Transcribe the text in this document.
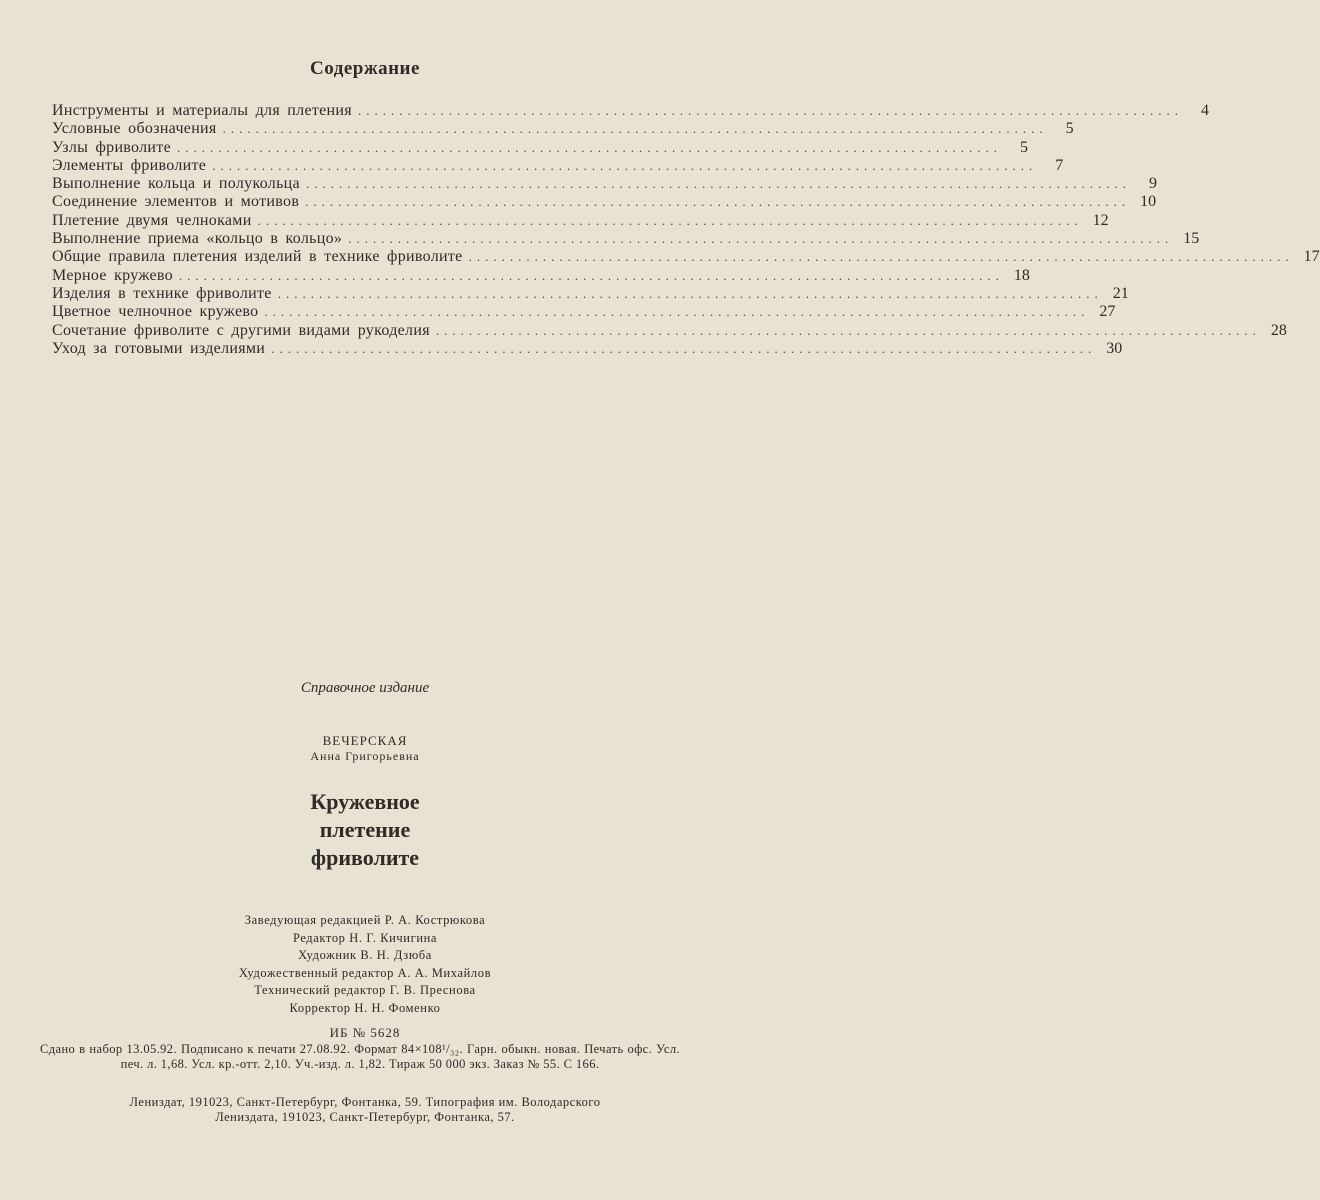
Содержание
Инструменты и материалы для плетения ....................................................................................................	4
Условные обозначения ....................................................................................................	5
Узлы фриволите ....................................................................................................	5
Элементы фриволите ....................................................................................................	7
Выполнение кольца и полукольца ....................................................................................................	9
Соединение элементов и мотивов .................................................................................................... 10
Плетение двумя челноками .................................................................................................... 12
Выполнение приема «кольцо в кольцо» .................................................................................................... 15
Общие правила плетения изделий в технике фриволите .................................................................................................... 17
Мерное кружево .................................................................................................... 18
Изделия в технике фриволите .................................................................................................... 21
Цветное челночное кружево .................................................................................................... 27
Сочетание фриволите с другими видами рукоделия .................................................................................................... 28
Уход за готовыми изделиями .................................................................................................... 30
Справочное издание
ВЕЧЕРСКАЯ
Анна Григорьевна
Кружевное
плетение
фриволите
Заведующая редакцией Р. А. Кострюкова
Редактор Н. Г. Кичигина
Художник В. Н. Дзюба
Художественный редактор А. А. Михайлов
Технический редактор Г. В. Преснова
Корректор Н. Н. Фоменко
ИБ № 5628
Сдано в набор 13.05.92. Подписано к печати 27.08.92. Формат 84×108¹/₃₂. Гарн. обыкн. новая. Печать офс. Усл. печ. л. 1,68. Усл. кр.-отт. 2,10. Уч.-изд. л. 1,82. Тираж 50 000 экз. Заказ № 55. С 166.
Лениздат, 191023, Санкт-Петербург, Фонтанка, 59. Типография им. Володарского
Лениздата, 191023, Санкт-Петербург, Фонтанка, 57.
